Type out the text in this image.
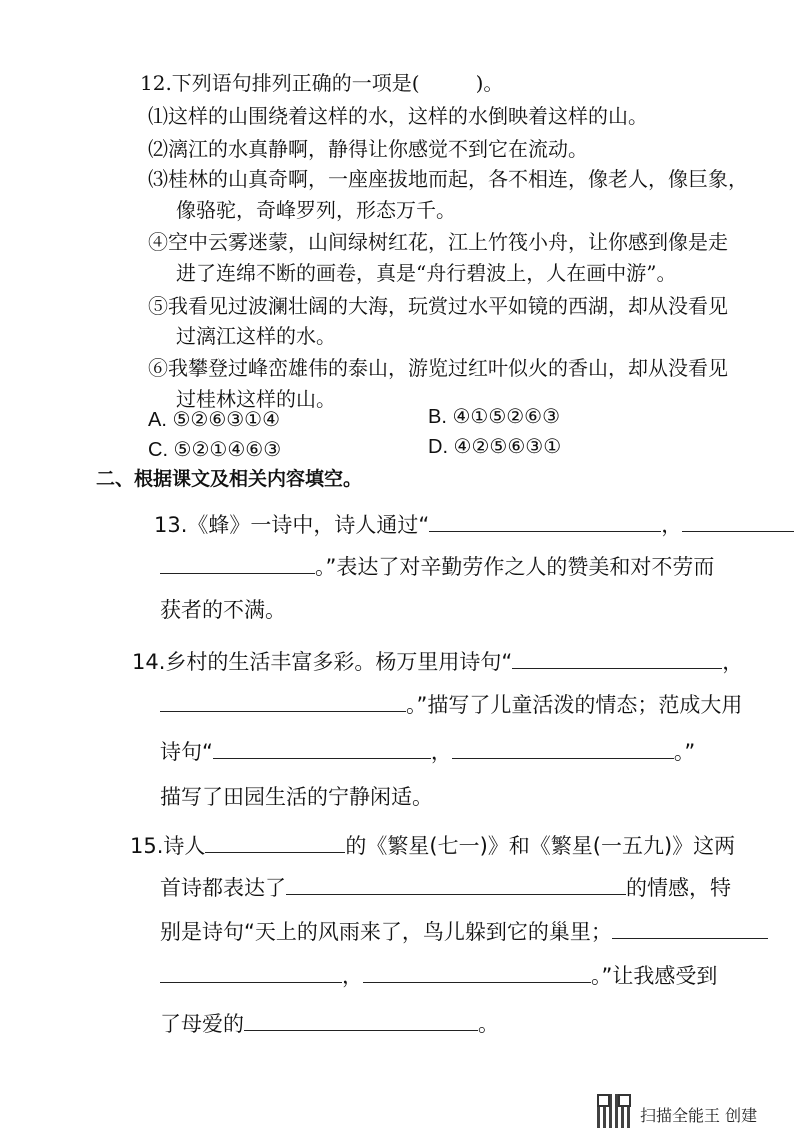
12.下列语句排列正确的一项是(	)。
⑴这样的山围绕着这样的水，这样的水倒映着这样的山。
⑵漓江的水真静啊，静得让你感觉不到它在流动。
⑶桂林的山真奇啊，一座座拔地而起，各不相连，像老人，像巨象，
像骆驼，奇峰罗列，形态万千。
④空中云雾迷蒙，山间绿树红花，江上竹筏小舟，让你感到像是走
进了连绵不断的画卷，真是“舟行碧波上，人在画中游”。
⑤我看见过波澜壮阔的大海，玩赏过水平如镜的西湖，却从没看见
过漓江这样的水。
⑥我攀登过峰峦雄伟的泰山，游览过红叶似火的香山，却从没看见
过桂林这样的山。
A. ⑤②⑥③①④	B. ④①⑤②⑥③
C. ⑤②①④⑥③	D. ④②⑤⑥③①
二、根据课文及相关内容填空。
13.《蜂》一诗中，诗人通过“	，
。”表达了对辛勤劳作之人的赞美和对不劳而
获者的不满。
14.乡村的生活丰富多彩。杨万里用诗句“	，
。”描写了儿童活泼的情态；范成大用
诗句“	，	。”
描写了田园生活的宁静闲适。
15.诗人	的《繁星(七一)》和《繁星(一五九)》这两
首诗都表达了	的情感，特
别是诗句“天上的风雨来了，鸟儿躲到它的巢里；
，	。”让我感受到
了母爱的	。
扫描全能王 创建
